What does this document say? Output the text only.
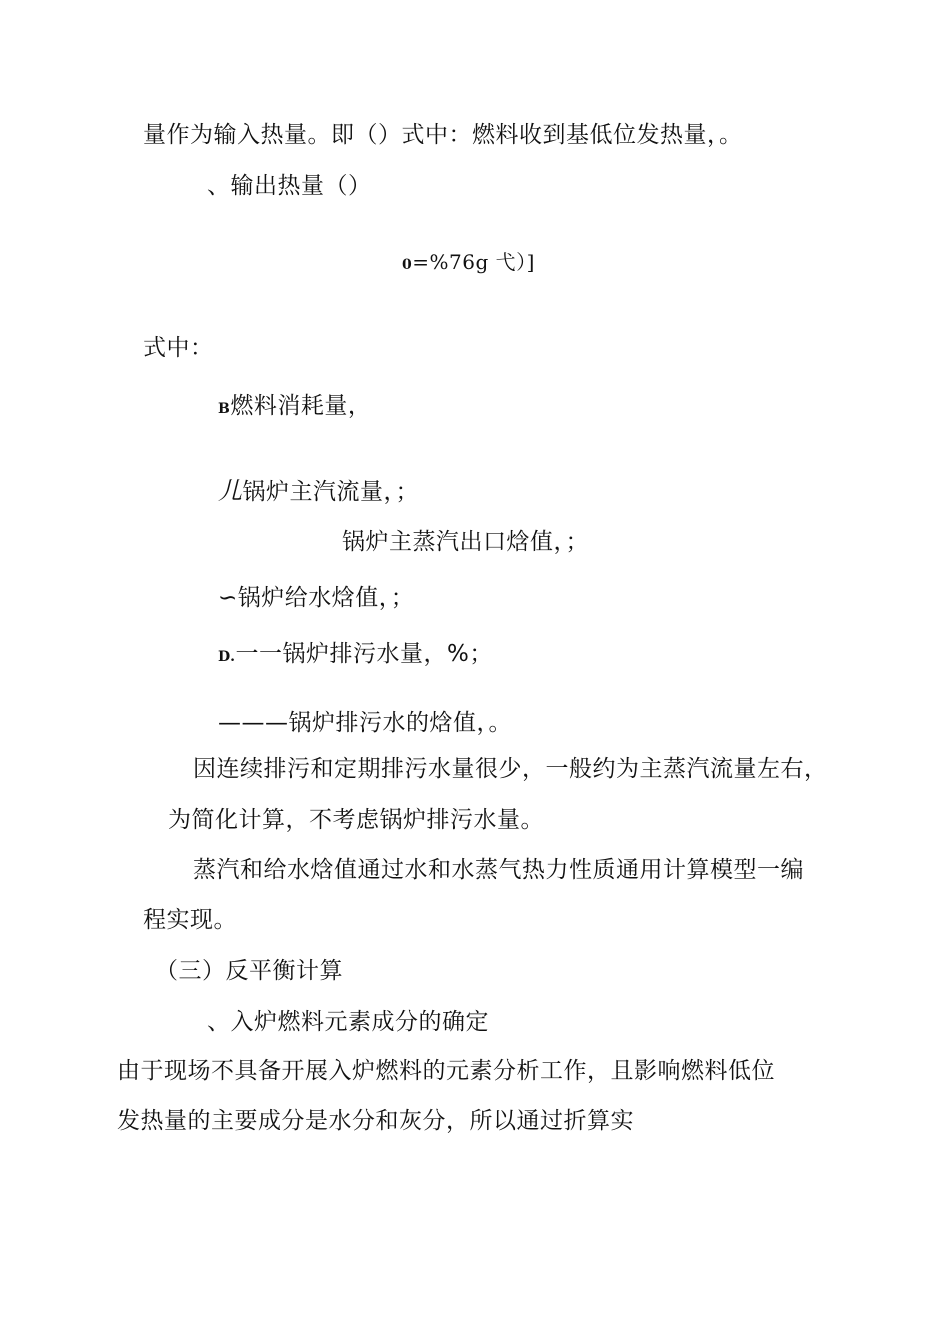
量作为输入热量。即（）式中：燃料收到基低位发热量，。
、输出热量（）
0=%76g 弋）]
式中：
B燃料消耗量，
儿锅炉主汽流量，；
锅炉主蒸汽出口焓值，；
∽锅炉给水焓值，；
D.一一锅炉排污水量，%；
———锅炉排污水的焓值，。
因连续排污和定期排污水量很少，一般约为主蒸汽流量左右，
为简化计算，不考虑锅炉排污水量。
蒸汽和给水焓值通过水和水蒸气热力性质通用计算模型一编
程实现。
（三）反平衡计算
、入炉燃料元素成分的确定
由于现场不具备开展入炉燃料的元素分析工作，且影响燃料低位
发热量的主要成分是水分和灰分，所以通过折算实
